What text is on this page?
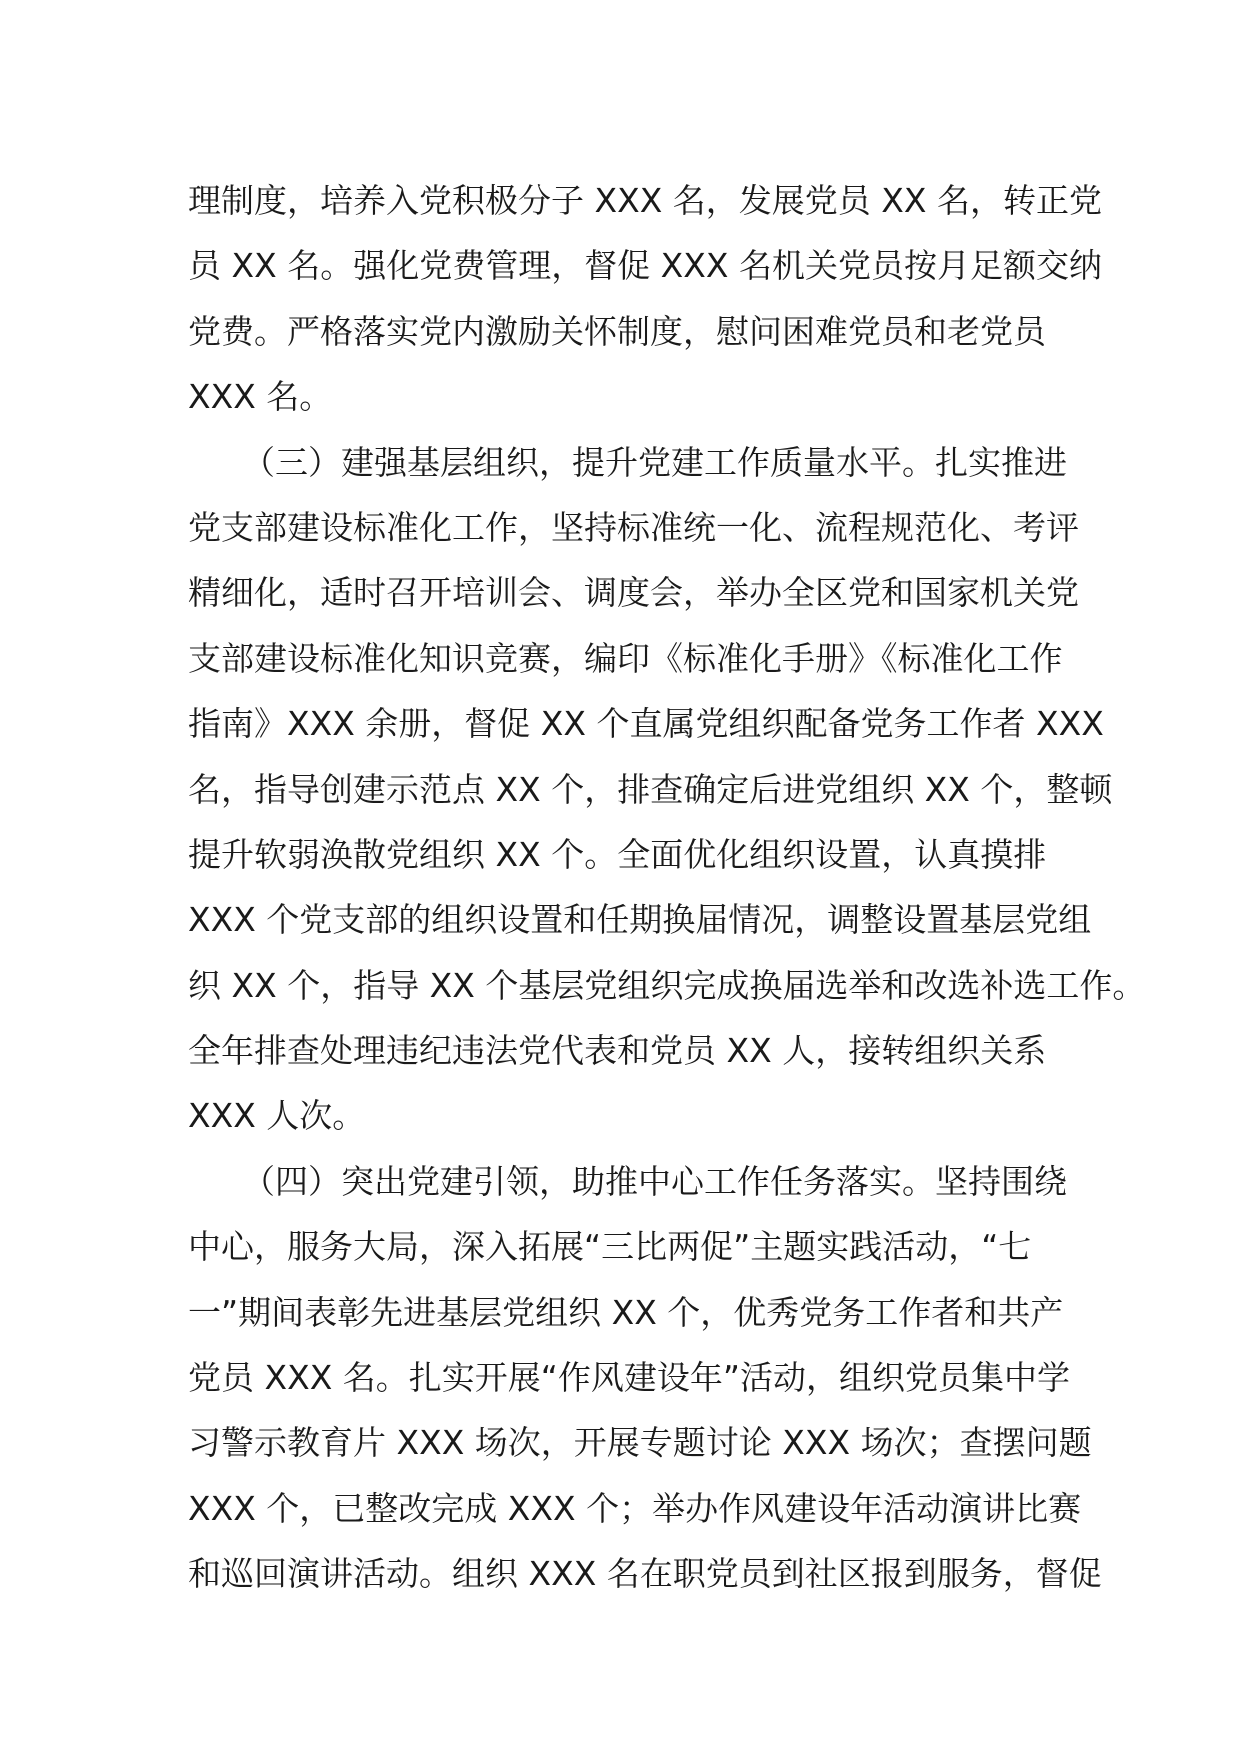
理制度，培养入党积极分子 XXX 名，发展党员 XX 名，转正党
员 XX 名。强化党费管理，督促 XXX 名机关党员按月足额交纳
党费。严格落实党内激励关怀制度，慰问困难党员和老党员
XXX 名。
（三）建强基层组织，提升党建工作质量水平。扎实推进
党支部建设标准化工作，坚持标准统一化、流程规范化、考评
精细化，适时召开培训会、调度会，举办全区党和国家机关党
支部建设标准化知识竞赛，编印《标准化手册》《标准化工作
指南》XXX 余册，督促 XX 个直属党组织配备党务工作者 XXX
名，指导创建示范点 XX 个，排查确定后进党组织 XX 个，整顿
提升软弱涣散党组织 XX 个。全面优化组织设置，认真摸排
XXX 个党支部的组织设置和任期换届情况，调整设置基层党组
织 XX 个，指导 XX 个基层党组织完成换届选举和改选补选工作。
全年排查处理违纪违法党代表和党员 XX 人，接转组织关系
XXX 人次。
（四）突出党建引领，助推中心工作任务落实。坚持围绕
中心，服务大局，深入拓展“三比两促”主题实践活动，“七
一”期间表彰先进基层党组织 XX 个，优秀党务工作者和共产
党员 XXX 名。扎实开展“作风建设年”活动，组织党员集中学
习警示教育片 XXX 场次，开展专题讨论 XXX 场次；查摆问题
XXX 个，已整改完成 XXX 个；举办作风建设年活动演讲比赛
和巡回演讲活动。组织 XXX 名在职党员到社区报到服务，督促
